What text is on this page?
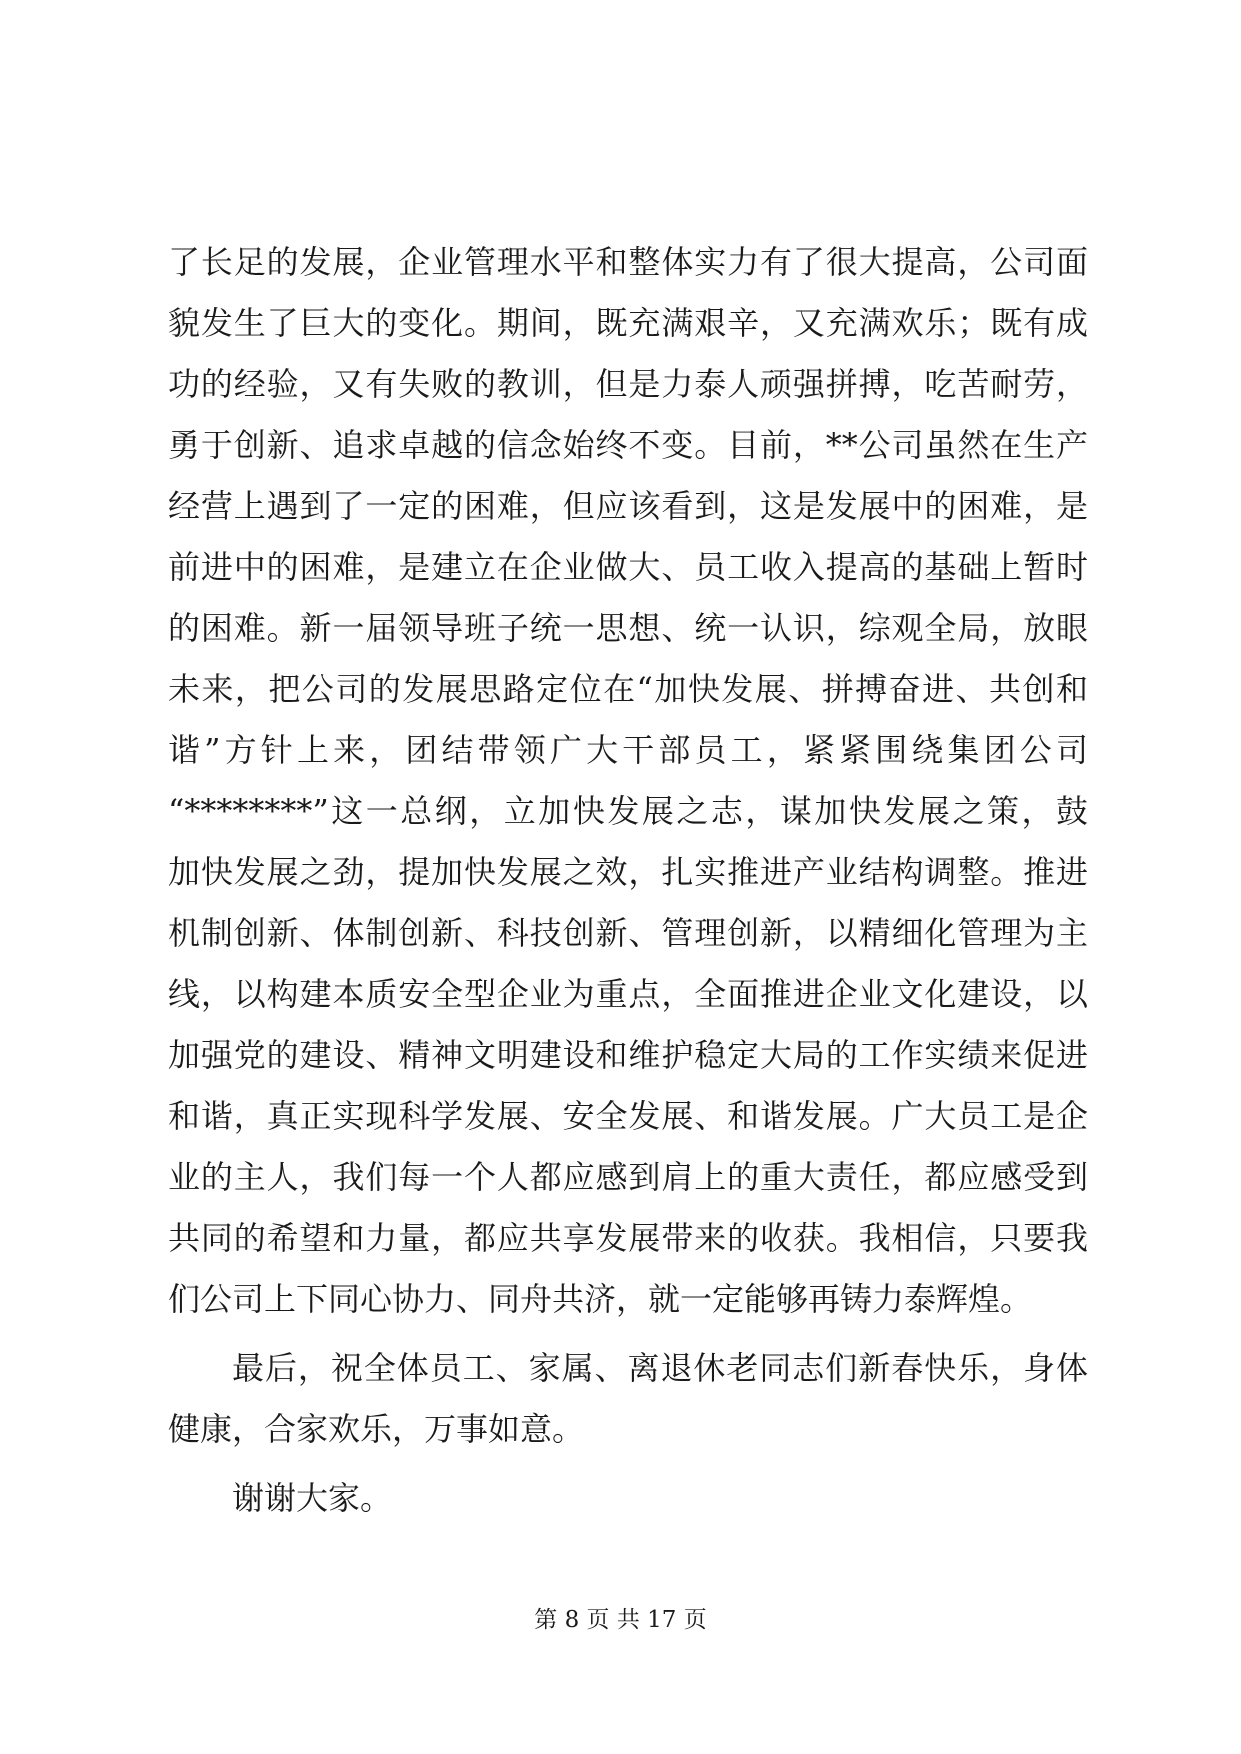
了长足的发展，企业管理水平和整体实力有了很大提高，公司面
貌发生了巨大的变化。期间，既充满艰辛，又充满欢乐；既有成
功的经验，又有失败的教训，但是力泰人顽强拼搏，吃苦耐劳，
勇于创新、追求卓越的信念始终不变。目前，**公司虽然在生产
经营上遇到了一定的困难，但应该看到，这是发展中的困难，是
前进中的困难，是建立在企业做大、员工收入提高的基础上暂时
的困难。新一届领导班子统一思想、统一认识，综观全局，放眼
未来，把公司的发展思路定位在“加快发展、拼搏奋进、共创和
谐”方针上来，团结带领广大干部员工，紧紧围绕集团公司
“********”这一总纲，立加快发展之志，谋加快发展之策，鼓
加快发展之劲，提加快发展之效，扎实推进产业结构调整。推进
机制创新、体制创新、科技创新、管理创新，以精细化管理为主
线，以构建本质安全型企业为重点，全面推进企业文化建设，以
加强党的建设、精神文明建设和维护稳定大局的工作实绩来促进
和谐，真正实现科学发展、安全发展、和谐发展。广大员工是企
业的主人，我们每一个人都应感到肩上的重大责任，都应感受到
共同的希望和力量，都应共享发展带来的收获。我相信，只要我
们公司上下同心协力、同舟共济，就一定能够再铸力泰辉煌。
最后，祝全体员工、家属、离退休老同志们新春快乐，身体
健康，合家欢乐，万事如意。
谢谢大家。
第 8 页 共 17 页
